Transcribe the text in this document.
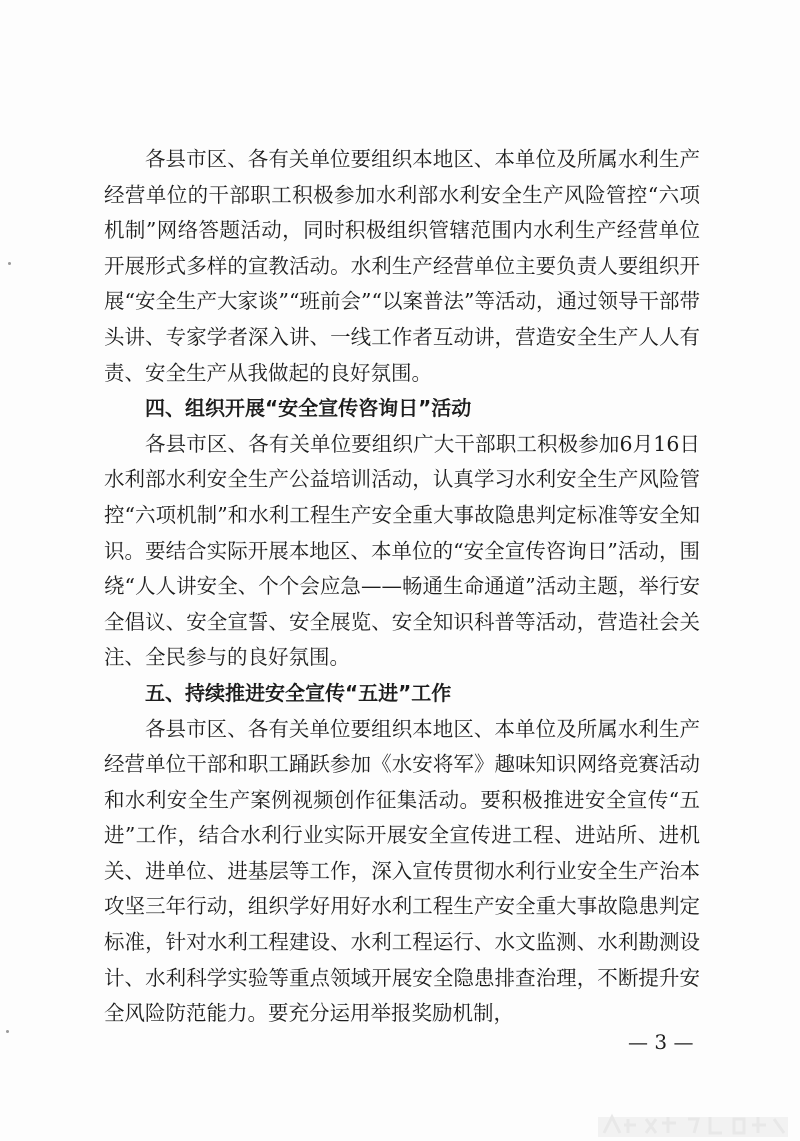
各县市区、各有关单位要组织本地区、本单位及所属水利生产经营单位的干部职工积极参加水利部水利安全生产风险管控“六项机制”网络答题活动，同时积极组织管辖范围内水利生产经营单位开展形式多样的宣教活动。水利生产经营单位主要负责人要组织开展“安全生产大家谈”“班前会”“以案普法”等活动，通过领导干部带头讲、专家学者深入讲、一线工作者互动讲，营造安全生产人人有责、安全生产从我做起的良好氛围。

四、组织开展“安全宣传咨询日”活动

各县市区、各有关单位要组织广大干部职工积极参加6月16日水利部水利安全生产公益培训活动，认真学习水利安全生产风险管控“六项机制”和水利工程生产安全重大事故隐患判定标准等安全知识。要结合实际开展本地区、本单位的“安全宣传咨询日”活动，围绕“人人讲安全、个个会应急——畅通生命通道”活动主题，举行安全倡议、安全宣誓、安全展览、安全知识科普等活动，营造社会关注、全民参与的良好氛围。

五、持续推进安全宣传“五进”工作

各县市区、各有关单位要组织本地区、本单位及所属水利生产经营单位干部和职工踊跃参加《水安将军》趣味知识网络竞赛活动和水利安全生产案例视频创作征集活动。要积极推进安全宣传“五进”工作，结合水利行业实际开展安全宣传进工程、进站所、进机关、进单位、进基层等工作，深入宣传贯彻水利行业安全生产治本攻坚三年行动，组织学好用好水利工程生产安全重大事故隐患判定标准，针对水利工程建设、水利工程运行、水文监测、水利勘测设计、水利科学实验等重点领域开展安全隐患排查治理，不断提升安全风险防范能力。要充分运用举报奖励机制，

— 3 —
